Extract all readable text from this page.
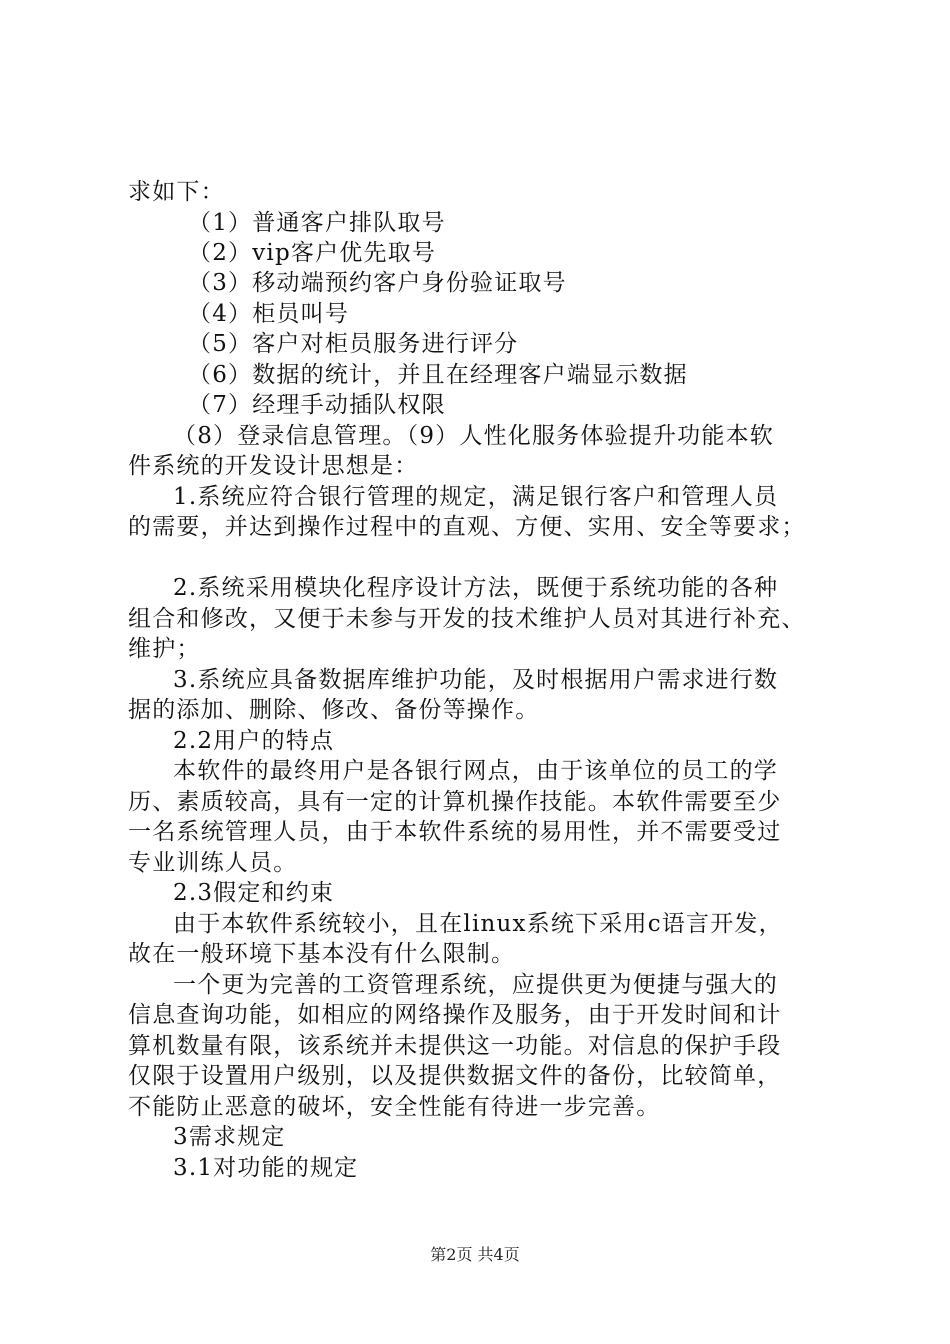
求如下：
（1）普通客户排队取号
（2）vip客户优先取号
（3）移动端预约客户身份验证取号
（4）柜员叫号
（5）客户对柜员服务进行评分
（6）数据的统计，并且在经理客户端显示数据
（7）经理手动插队权限
（8）登录信息管理。（9）人性化服务体验提升功能本软
件系统的开发设计思想是：
1.系统应符合银行管理的规定，满足银行客户和管理人员
的需要，并达到操作过程中的直观、方便、实用、安全等要求；
2.系统采用模块化程序设计方法，既便于系统功能的各种
组合和修改，又便于未参与开发的技术维护人员对其进行补充、
维护；
3.系统应具备数据库维护功能，及时根据用户需求进行数
据的添加、删除、修改、备份等操作。
2.2用户的特点
本软件的最终用户是各银行网点，由于该单位的员工的学
历、素质较高，具有一定的计算机操作技能。本软件需要至少
一名系统管理人员，由于本软件系统的易用性，并不需要受过
专业训练人员。
2.3假定和约束
由于本软件系统较小，且在linux系统下采用c语言开发，
故在一般环境下基本没有什么限制。
一个更为完善的工资管理系统，应提供更为便捷与强大的
信息查询功能，如相应的网络操作及服务，由于开发时间和计
算机数量有限，该系统并未提供这一功能。对信息的保护手段
仅限于设置用户级别，以及提供数据文件的备份，比较简单，
不能防止恶意的破坏，安全性能有待进一步完善。
3需求规定
3.1对功能的规定
第2页 共4页
